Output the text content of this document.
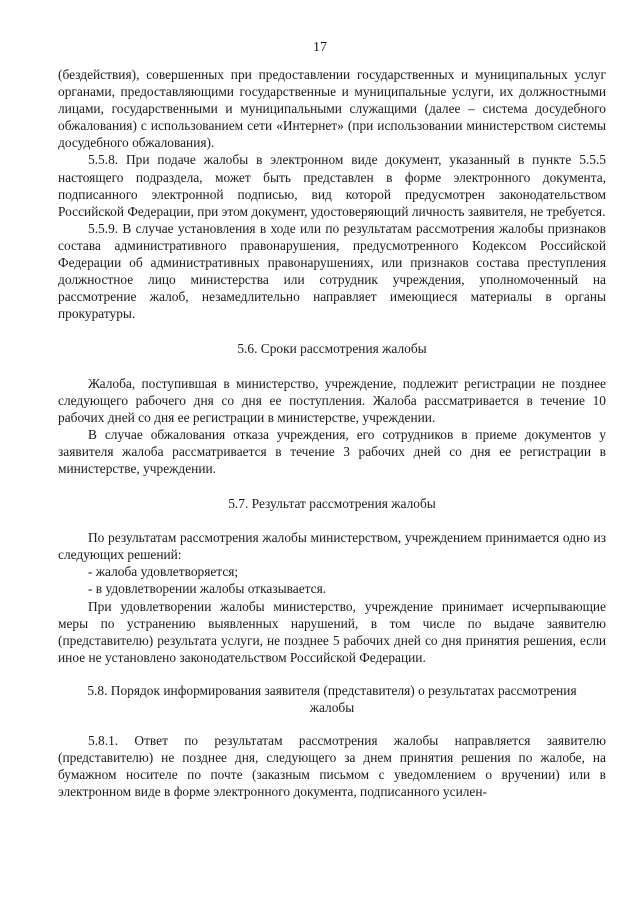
17

(бездействия), совершенных при предоставлении государственных и муниципальных услуг органами, предоставляющими государственные и муниципальные услуги, их должностными лицами, государственными и муниципальными служащими (далее – система досудебного обжалования) с использованием сети «Интернет» (при использовании министерством системы досудебного обжалования).

5.5.8. При подаче жалобы в электронном виде документ, указанный в пункте 5.5.5 настоящего подраздела, может быть представлен в форме электронного документа, подписанного электронной подписью, вид которой предусмотрен законодательством Российской Федерации, при этом документ, удостоверяющий личность заявителя, не требуется.

5.5.9. В случае установления в ходе или по результатам рассмотрения жалобы признаков состава административного правонарушения, предусмотренного Кодексом Российской Федерации об административных правонарушениях, или признаков состава преступления должностное лицо министерства или сотрудник учреждения, уполномоченный на рассмотрение жалоб, незамедлительно направляет имеющиеся материалы в органы прокуратуры.

5.6. Сроки рассмотрения жалобы

Жалоба, поступившая в министерство, учреждение, подлежит регистрации не позднее следующего рабочего дня со дня ее поступления. Жалоба рассматривается в течение 10 рабочих дней со дня ее регистрации в министерстве, учреждении.

В случае обжалования отказа учреждения, его сотрудников в приеме документов у заявителя жалоба рассматривается в течение 3 рабочих дней со дня ее регистрации в министерстве, учреждении.

5.7. Результат рассмотрения жалобы

По результатам рассмотрения жалобы министерством, учреждением принимается одно из следующих решений:

- жалоба удовлетворяется;

- в удовлетворении жалобы отказывается.

При удовлетворении жалобы министерство, учреждение принимает исчерпывающие меры по устранению выявленных нарушений, в том числе по выдаче заявителю (представителю) результата услуги, не позднее 5 рабочих дней со дня принятия решения, если иное не установлено законодательством Российской Федерации.

5.8. Порядок информирования заявителя (представителя) о результатах рассмотрения жалобы

5.8.1. Ответ по результатам рассмотрения жалобы направляется заявителю (представителю) не позднее дня, следующего за днем принятия решения по жалобе, на бумажном носителе по почте (заказным письмом с уведомлением о вручении) или в электронном виде в форме электронного документа, подписанного усилен-
